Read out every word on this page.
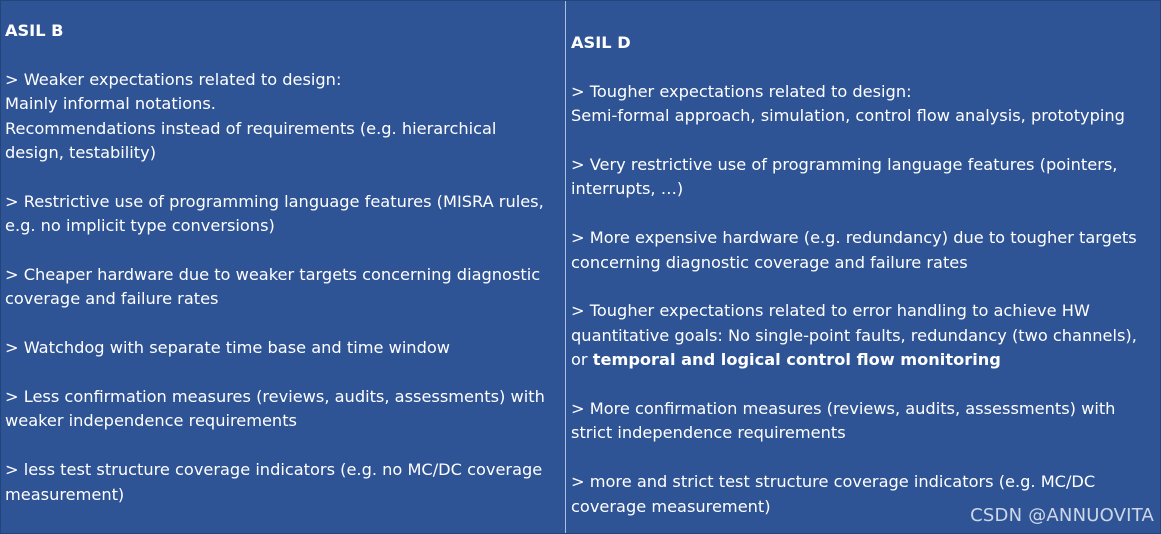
ASIL B
> Weaker expectations related to design:
Mainly informal notations.
Recommendations instead of requirements (e.g. hierarchical design, testability)
> Restrictive use of programming language features (MISRA rules, e.g. no implicit type conversions)
> Cheaper hardware due to weaker targets concerning diagnostic coverage and failure rates
> Watchdog with separate time base and time window
> Less confirmation measures (reviews, audits, assessments) with weaker independence requirements
> less test structure coverage indicators (e.g. no MC/DC coverage measurement)
ASIL D
> Tougher expectations related to design:
Semi-formal approach, simulation, control flow analysis, prototyping
> Very restrictive use of programming language features (pointers, interrupts, …)
> More expensive hardware (e.g. redundancy) due to tougher targets concerning diagnostic coverage and failure rates
> Tougher expectations related to error handling to achieve HW quantitative goals: No single-point faults, redundancy (two channels), or temporal and logical control flow monitoring
> More confirmation measures (reviews, audits, assessments) with strict independence requirements
> more and strict test structure coverage indicators (e.g. MC/DC coverage measurement)	CSDN @ANNUOVITA
